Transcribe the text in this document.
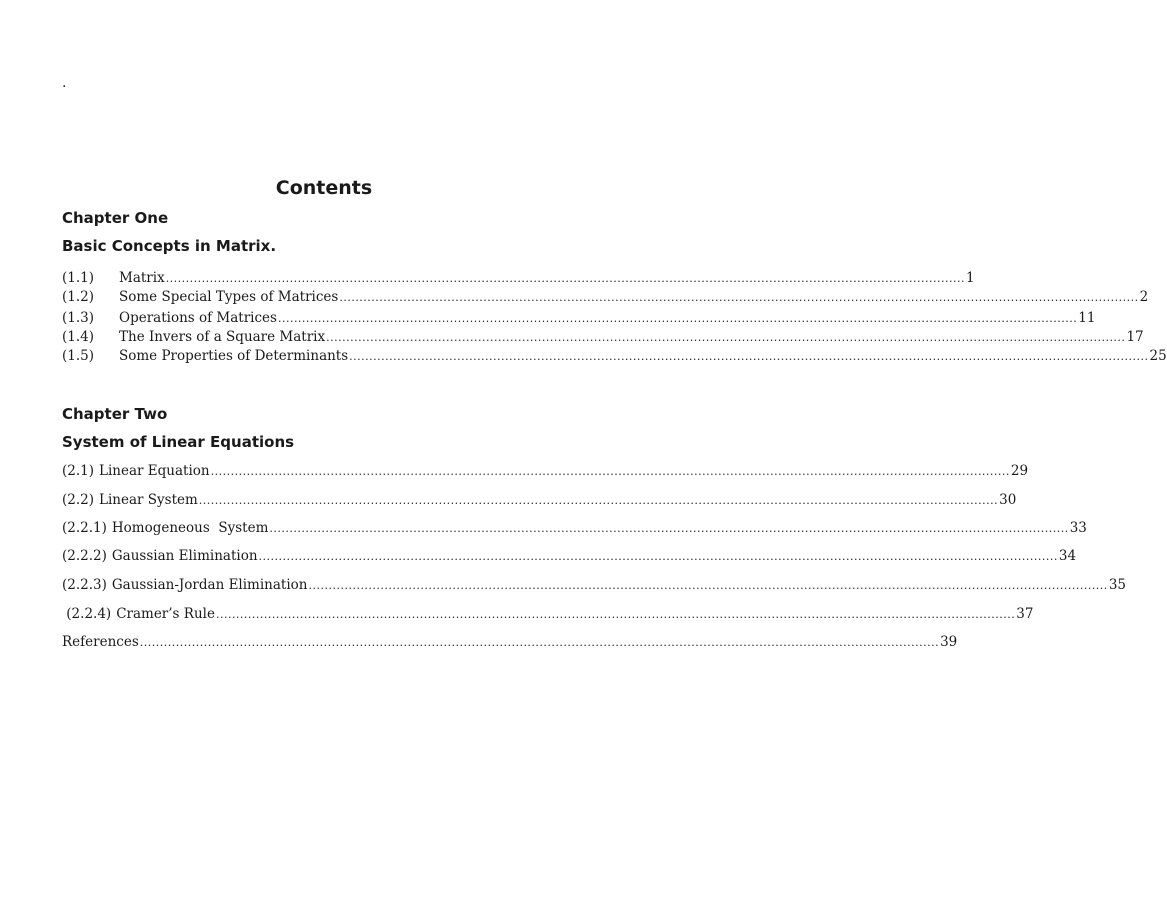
.
Contents
Chapter One
Basic Concepts in Matrix.
(1.1)	Matrix ........................................................................................................................................................................................................ 1
(1.2)	Some Special Types of Matrices ........................................................................................................................................................................................................ 2
(1.3)	Operations of Matrices ........................................................................................................................................................................................................ 11
(1.4)	The Invers of a Square Matrix ........................................................................................................................................................................................................ 17
(1.5)	Some Properties of Determinants ........................................................................................................................................................................................................ 25
Chapter Two
System of Linear Equations
(2.1) Linear Equation ........................................................................................................................................................................................................ 29
(2.2) Linear System ........................................................................................................................................................................................................ 30
(2.2.1) Homogeneous  System ........................................................................................................................................................................................................ 33
(2.2.2) Gaussian Elimination ........................................................................................................................................................................................................ 34
(2.2.3) Gaussian-Jordan Elimination ........................................................................................................................................................................................................ 35
(2.2.4) Cramer’s Rule ........................................................................................................................................................................................................ 37
References ........................................................................................................................................................................................................ 39
